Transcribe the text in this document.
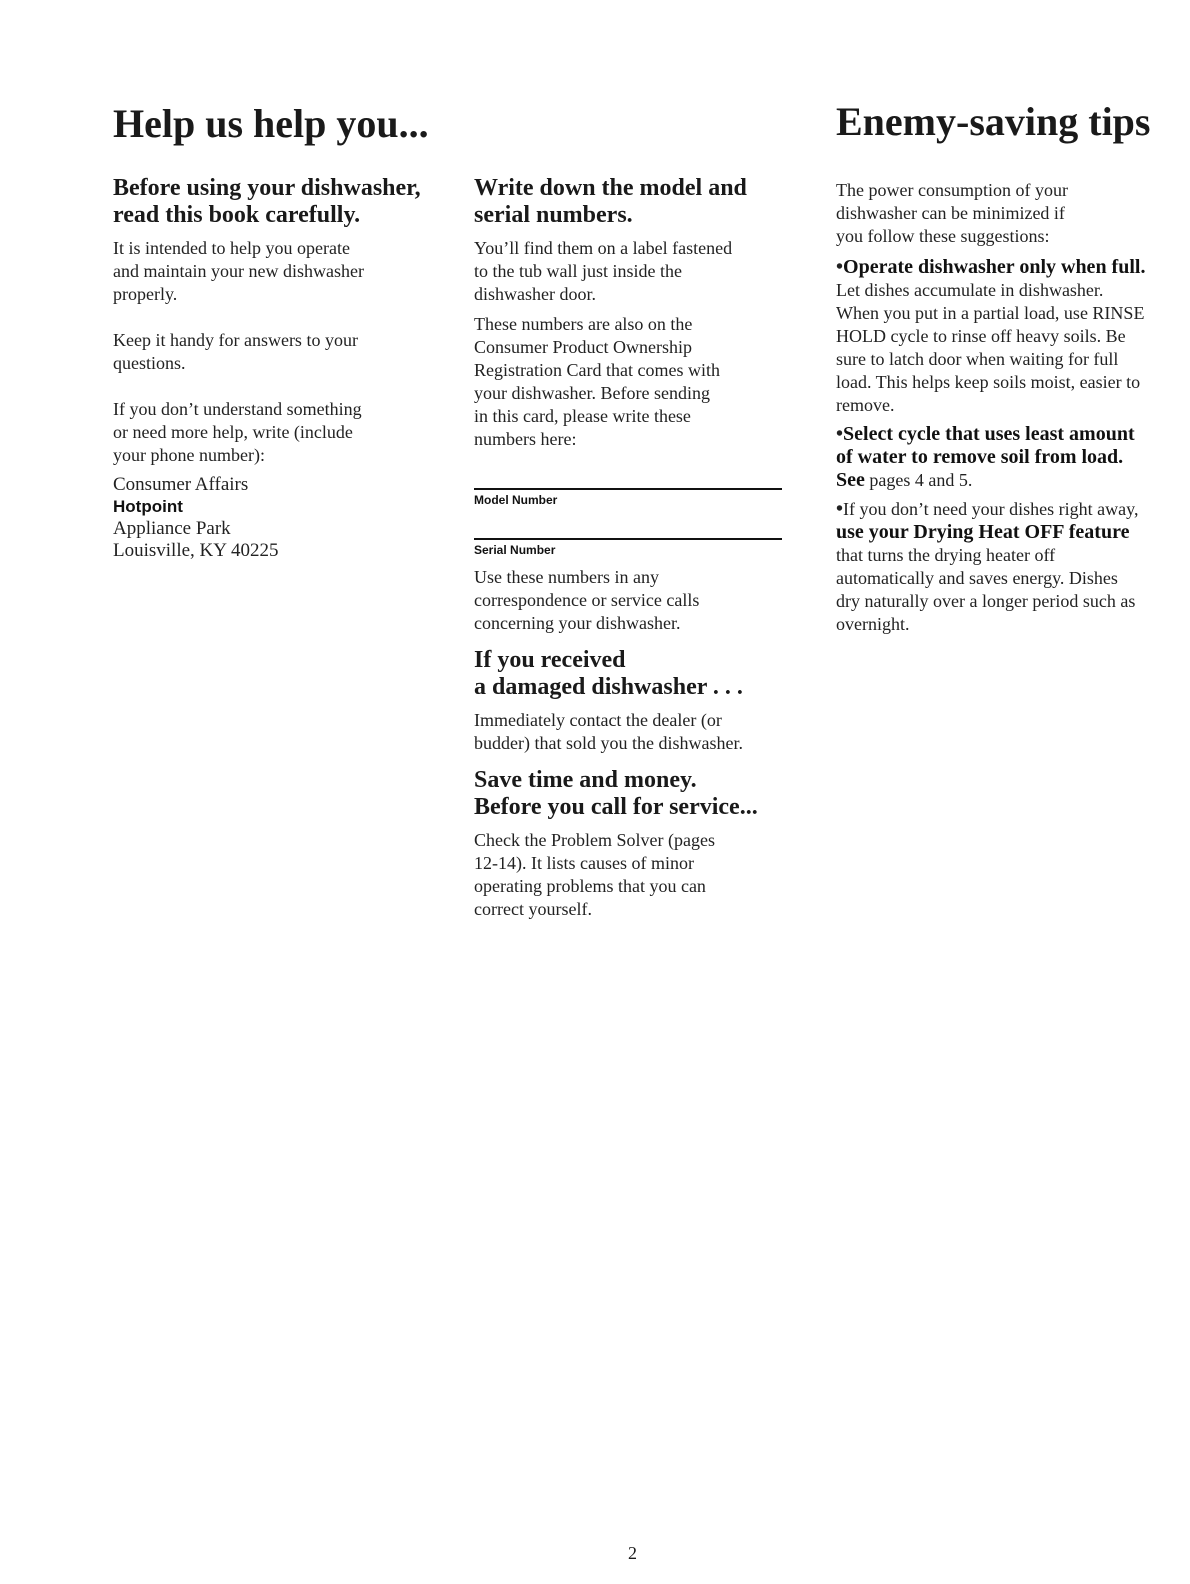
Help us help you...	Enemy-saving tips
Before using your dishwasher,
read this book carefully.

It is intended to help you operate
and maintain your new dishwasher
properly.

Keep it handy for answers to your
questions.

If you don’t understand something
or need more help, write (include
your phone number):

Consumer Affairs

Hotpoint

Appliance Park

Louisville, KY 40225

Write down the model and
serial numbers.

You’ll find them on a label fastened
to the tub wall just inside the
dishwasher door.

These numbers are also on the
Consumer Product Ownership
Registration Card that comes with
your dishwasher. Before sending
in this card, please write these
numbers here:

Model Number
Serial Number

Use these numbers in any
correspondence or service calls
concerning your dishwasher.

If you received
a damaged dishwasher . . .

Immediately contact the dealer (or
budder) that sold you the dishwasher.

Save time and money.
Before you call for service...

Check the Problem Solver (pages
12-14). It lists causes of minor
operating problems that you can
correct yourself.

The power consumption of your
dishwasher can be minimized if
you follow these suggestions:

•Operate dishwasher only when full. Let dishes accumulate in dishwasher. When you put in a partial load, use RINSE HOLD cycle to rinse off heavy soils. Be sure to latch door when waiting for full load. This helps keep soils moist, easier to remove.

•Select cycle that uses least amount of water to remove soil from load. See pages 4 and 5.

•If you don’t need your dishes right away, use your Drying Heat OFF feature that turns the drying heater off automatically and saves energy. Dishes dry naturally over a longer period such as overnight.

2
